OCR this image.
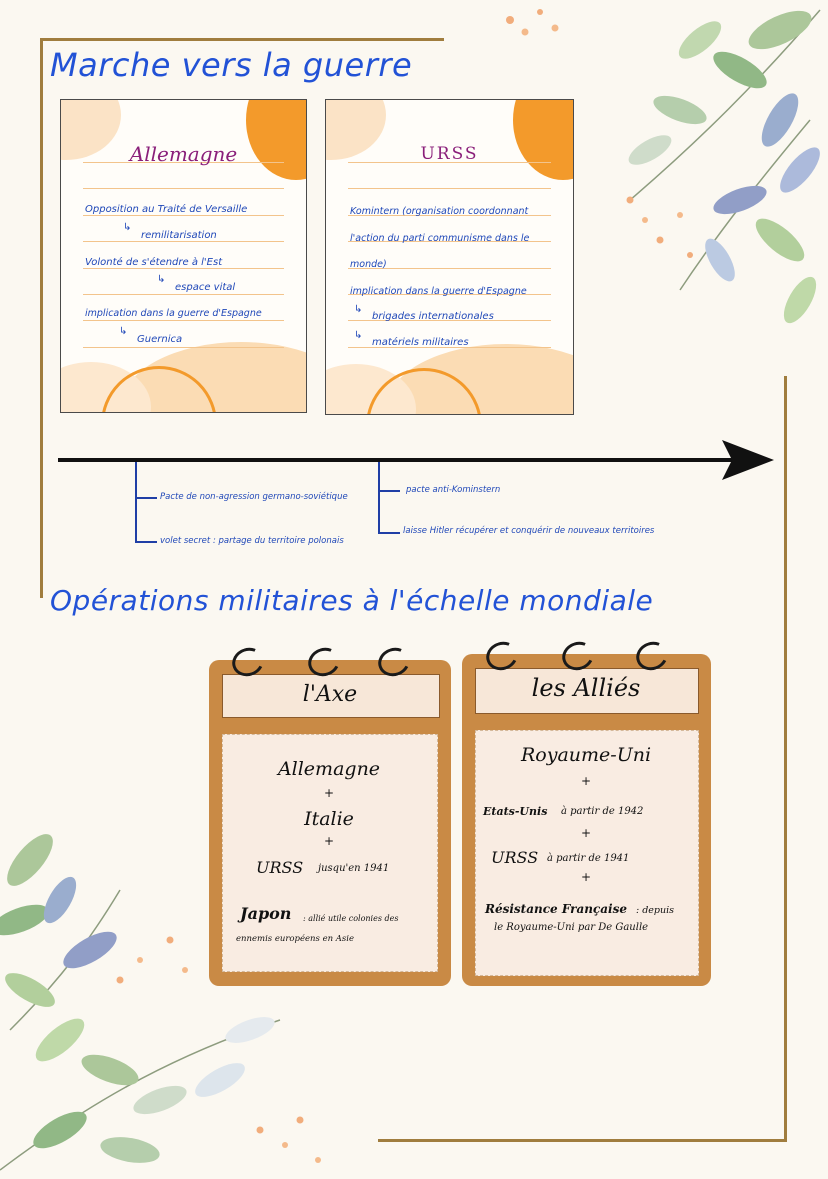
Marche vers la guerre
Allemagne
Opposition au Traité de Versaille
↳
remilitarisation
Volonté de s'étendre à l'Est
↳
espace vital
implication dans la guerre d'Espagne
↳
Guernica
URSS
Komintern (organisation coordonnant
l'action du parti communisme dans le
monde)
implication dans la guerre d'Espagne
↳
brigades internationales
↳
matériels militaires
Pacte de non-agression germano-soviétique
volet secret : partage du territoire polonais
pacte anti-Kominstern
laisse Hitler récupérer et conquérir de nouveaux territoires
Opérations militaires à l'échelle mondiale
l'Axe
Allemagne
+
Italie
+
URSS jusqu'en 1941
Japon : allié utile colonies des
ennemis européens en Asie
les Alliés
Royaume-Uni
+
Etats-Unis à partir de 1942
+
URSS à partir de 1941
+
Résistance Française : depuis
le Royaume-Uni par De Gaulle
